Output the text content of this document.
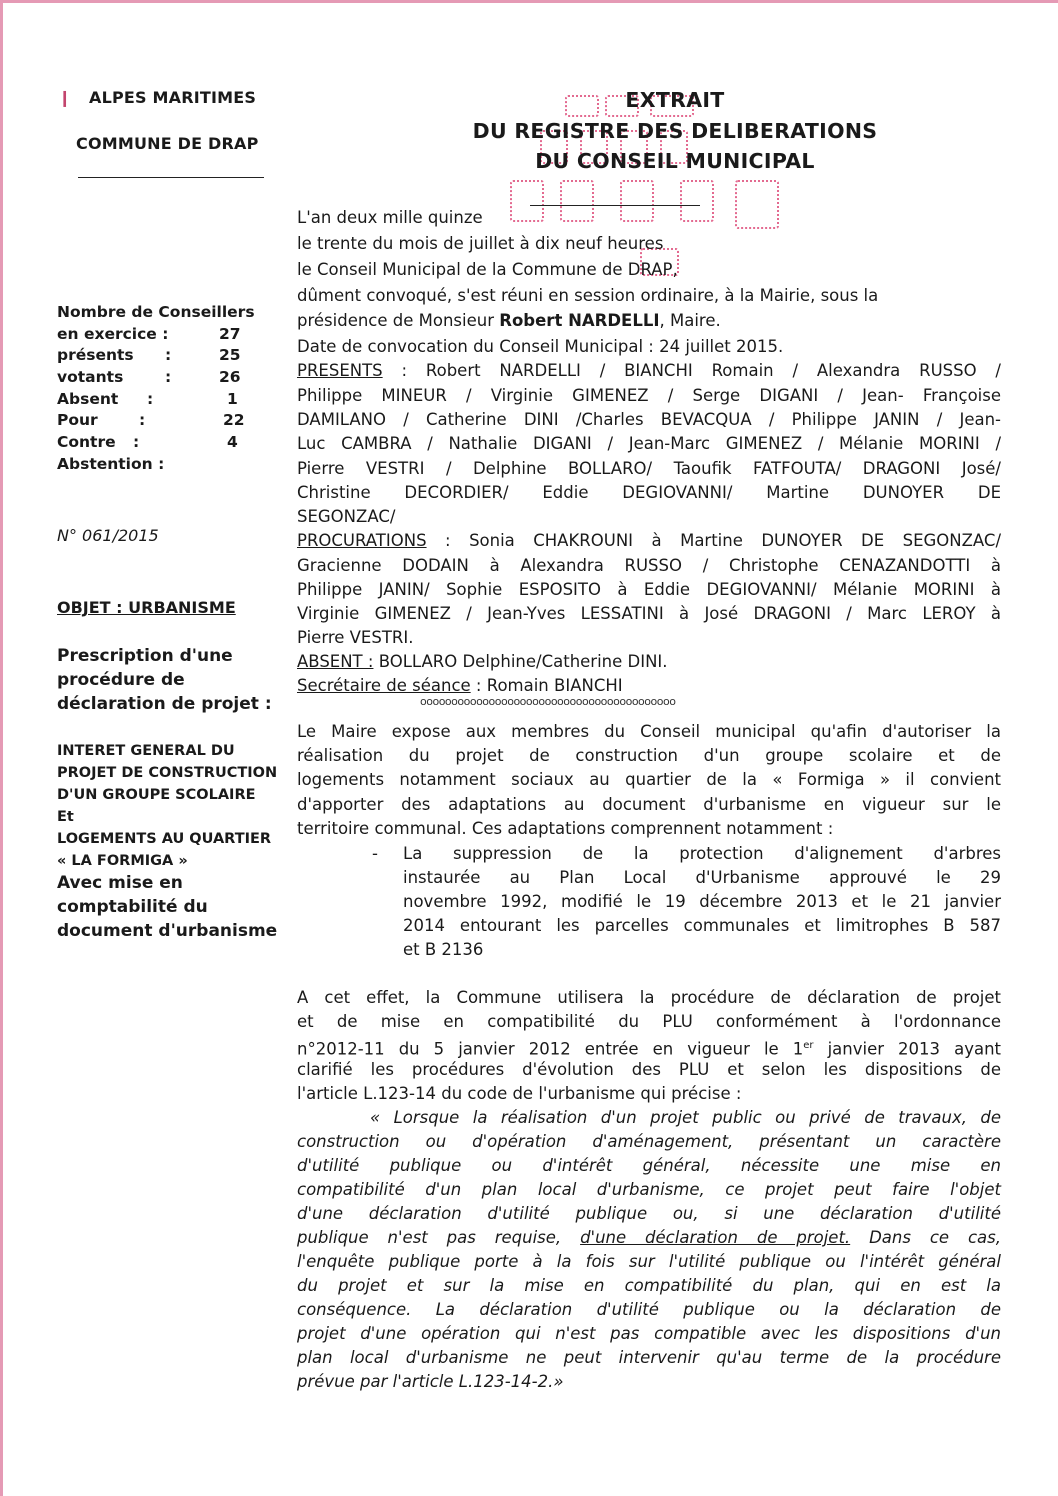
❙ ALPES MARITIMES
COMMUNE DE DRAP
EXTRAIT
DU REGISTRE DES DELIBERATIONS
DU CONSEIL MUNICIPAL
Nombre de Conseillers
en exercice :	27
présents :	25
votants	:	26
Absent :	1
Pour	:	22
Contre :	4
Abstention :
N° 061/2015
OBJET : URBANISME
Prescription d'une procédure de déclaration de projet :
INTERET GENERAL DU
PROJET DE CONSTRUCTION
D'UN GROUPE SCOLAIRE
Et
LOGEMENTS AU QUARTIER
« LA FORMIGA »
Avec mise en comptabilité du document d'urbanisme
L'an deux mille quinze
le trente du mois de juillet à dix neuf heures
le Conseil Municipal de la Commune de DRAP,
dûment convoqué, s'est réuni en session ordinaire, à la Mairie, sous la
présidence de Monsieur Robert NARDELLI, Maire.
Date de convocation du Conseil Municipal : 24 juillet 2015.
PRESENTS : Robert NARDELLI / BIANCHI Romain / Alexandra RUSSO /
Philippe MINEUR / Virginie GIMENEZ / Serge DIGANI / Jean- Françoise
DAMILANO / Catherine DINI /Charles BEVACQUA / Philippe JANIN / Jean-
Luc CAMBRA / Nathalie DIGANI / Jean-Marc GIMENEZ / Mélanie MORINI /
Pierre VESTRI / Delphine BOLLARO/ Taoufik FATFOUTA/ DRAGONI José/
Christine DECORDIER/ Eddie DEGIOVANNI/ Martine DUNOYER DE
SEGONZAC/
PROCURATIONS : Sonia CHAKROUNI à Martine DUNOYER DE SEGONZAC/
Gracienne DODAIN à Alexandra RUSSO / Christophe CENAZANDOTTI à
Philippe JANIN/ Sophie ESPOSITO à Eddie DEGIOVANNI/ Mélanie MORINI à
Virginie GIMENEZ / Jean-Yves LESSATINI à José DRAGONI / Marc LEROY à
Pierre VESTRI.
ABSENT : BOLLARO Delphine/Catherine DINI.
Secrétaire de séance : Romain BIANCHI
ooooooooooooooooooooooooooooooooooooooooo
Le Maire expose aux membres du Conseil municipal qu'afin d'autoriser la
réalisation du projet de construction d'un groupe scolaire et de
logements notamment sociaux au quartier de la « Formiga » il convient
d'apporter des adaptations au document d'urbanisme en vigueur sur le
territoire communal. Ces adaptations comprennent notamment :
- La suppression de la protection d'alignement d'arbres
instaurée au Plan Local d'Urbanisme approuvé le 29
novembre 1992, modifié le 19 décembre 2013 et le 21 janvier
2014 entourant les parcelles communales et limitrophes B 587
et B 2136
A cet effet, la Commune utilisera la procédure de déclaration de projet
et de mise en compatibilité du PLU conformément à l'ordonnance
n°2012-11 du 5 janvier 2012 entrée en vigueur le 1er janvier 2013 ayant
clarifié les procédures d'évolution des PLU et selon les dispositions de
l'article L.123-14 du code de l'urbanisme qui précise :
« Lorsque la réalisation d'un projet public ou privé de travaux, de
construction ou d'opération d'aménagement, présentant un caractère
d'utilité publique ou d'intérêt général, nécessite une mise en
compatibilité d'un plan local d'urbanisme, ce projet peut faire l'objet
d'une déclaration d'utilité publique ou, si une déclaration d'utilité
publique n'est pas requise, d'une déclaration de projet. Dans ce cas,
l'enquête publique porte à la fois sur l'utilité publique ou l'intérêt général
du projet et sur la mise en compatibilité du plan, qui en est la
conséquence. La déclaration d'utilité publique ou la déclaration de
projet d'une opération qui n'est pas compatible avec les dispositions d'un
plan local d'urbanisme ne peut intervenir qu'au terme de la procédure
prévue par l'article L.123-14-2.»
